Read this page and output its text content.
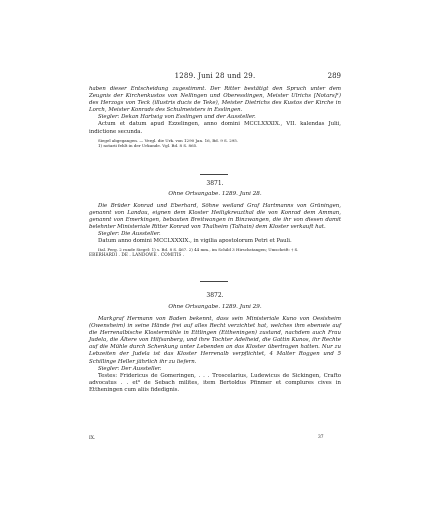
1289. Juni 28 und 29.	289

haben dieser Entscheidung zugestimmt. Der Ritter bestätigt den Spruch unter dem Zeugnis der Kirchenkustos von Nellingen und Oberesslingen, Meister Ulrichs [Notars]¹) des Herzogs von Teck (illustris ducis de Teke), Meister Dietrichs des Kustos der Kirche in Lorch, Meister Konrads des Schulmeisters in Esslingen.

Siegler: Dekan Hartwig von Esslingen und der Aussteller.

Actum et datum apud Ezzelingen, anno domini MCCLXXXIX., VII. kalendas Julii, indictione secunda.

Siegel abgegangen. — Vergl. die Urk. von 1290 Jan. 16, Bd. 9 S. 295.

1) notarii fehlt in der Urkunde. Vgl. Bd. 8 S. 865.

3871.
Ohne Ortsangabe. 1289. Juni 28.

Die Brüder Konrad und Eberhard, Söhne weiland Graf Hartmanns von Grüningen, genannt von Landau, eignen dem Kloster Heiligkreuzthal die von Konrad dem Amman, genannt von Emerkingen, bebauten Breitwangen in Binzwangen, die ihr von diesen damit belehnter Ministeriale Ritter Konrad von Thalheim (Talhain) dem Kloster verkauft hat.

Siegler: Die Aussteller.

Datum anno domini MCCLXXXIX., in vigilia apostolorum Petri et Pauli.

Ital. Perg. 2 runde Siegel: 1) s. Bd. 8 S. 467. 2) 44 mm., im Schild 3 Hirschstangen; Umschrift: † S.

EBERHARDI . DE . LANDOWE . COMITIS .

3872.
Ohne Ortsangabe. 1289. Juni 29.

Markgraf Hermann von Baden bekennt, dass sein Ministeriale Kuno von Oesisheim (Owensheim) in seine Hände frei auf alles Recht verzichtet hat, welches ihm ebenwie auf die Herrenalbische Klostermühle in Ettlingen (Ettheningen) zustand, nachdem auch Frau Judela, die Ältere von Hilfsanberg, und ihre Tochter Adelheid, die Gattin Kunos, ihr Rechte auf die Mühle durch Schenkung unter Lebenden an das Kloster übertragen hatten. Nur zu Lebzeiten der Judela ist das Kloster Herrenalb verpflichtet, 4 Malter Roggen und 5 Schillinge Heller jährlich ihr zu liefern.

Siegler: Der Aussteller.

Testes: Fridericus de Gomeringen, . . . Troscelarius, Ludewicus de Sickingen, Crafto advocatus . . et⁹ de Sebach milites, item Bertoldus Pfinmer et complures cives in Ettheningen cum aliis fidedignis.

IX.	37
